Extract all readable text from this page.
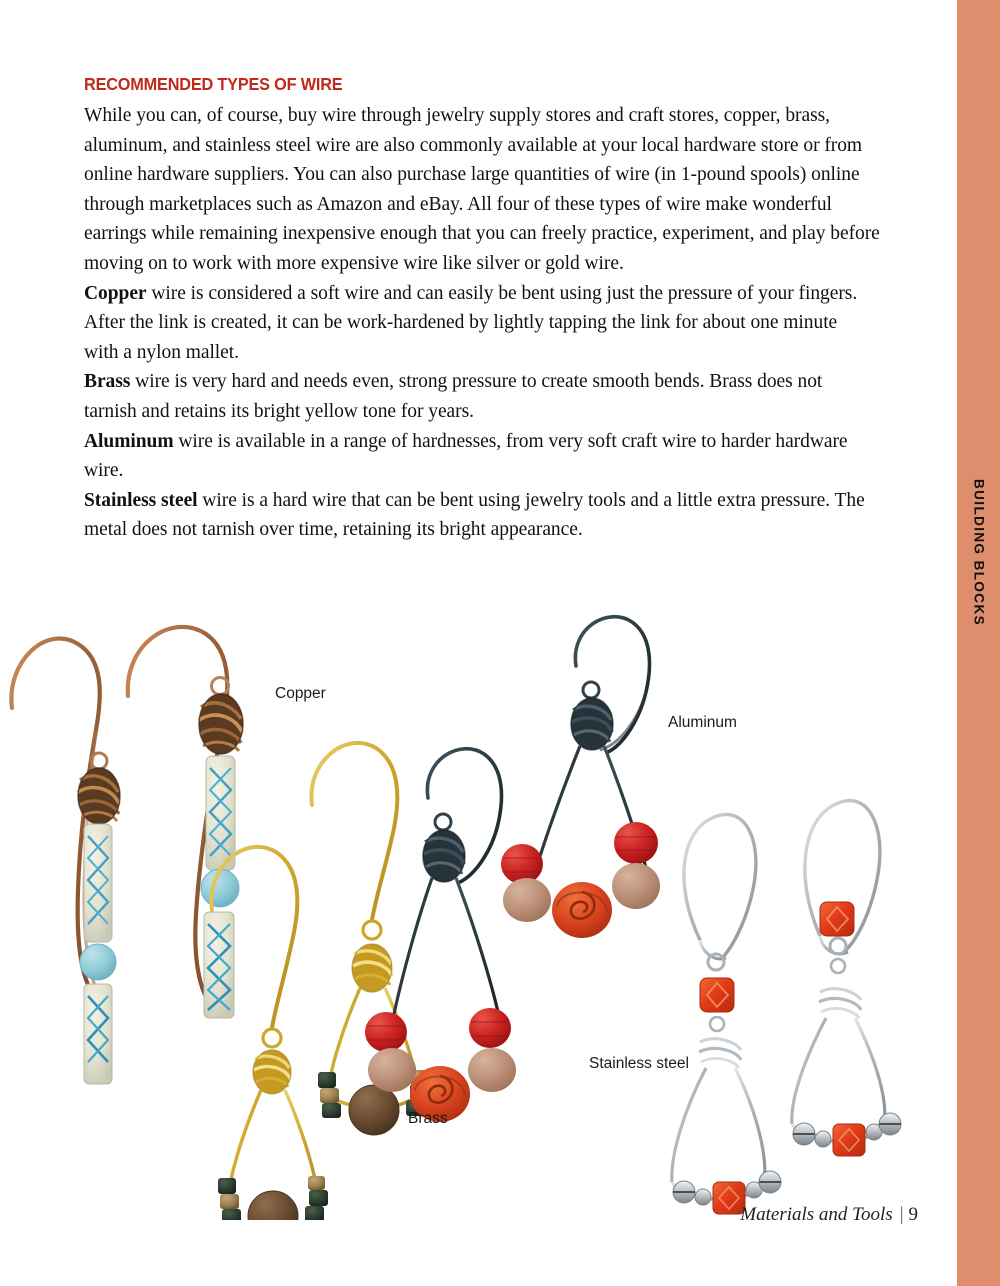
RECOMMENDED TYPES OF WIRE

While you can, of course, buy wire through jewelry supply stores and craft stores, copper, brass, aluminum, and stainless steel wire are also commonly available at your local hardware store or from online hardware suppliers. You can also purchase large quantities of wire (in 1-pound spools) online through marketplaces such as Amazon and eBay. All four of these types of wire make wonderful earrings while remaining inexpensive enough that you can freely practice, experiment, and play before moving on to work with more expensive wire like silver or gold wire.

Copper wire is considered a soft wire and can easily be bent using just the pressure of your fingers. After the link is created, it can be work-hardened by lightly tapping the link for about one minute with a nylon mallet.

Brass wire is very hard and needs even, strong pressure to create smooth bends. Brass does not tarnish and retains its bright yellow tone for years.

Aluminum wire is available in a range of hardnesses, from very soft craft wire to harder hardware wire.

Stainless steel wire is a hard wire that can be bent using jewelry tools and a little extra pressure. The metal does not tarnish over time, retaining its bright appearance.

Copper
Aluminum
Brass
Stainless steel
Materials and Tools | 9
BUILDING BLOCKS
